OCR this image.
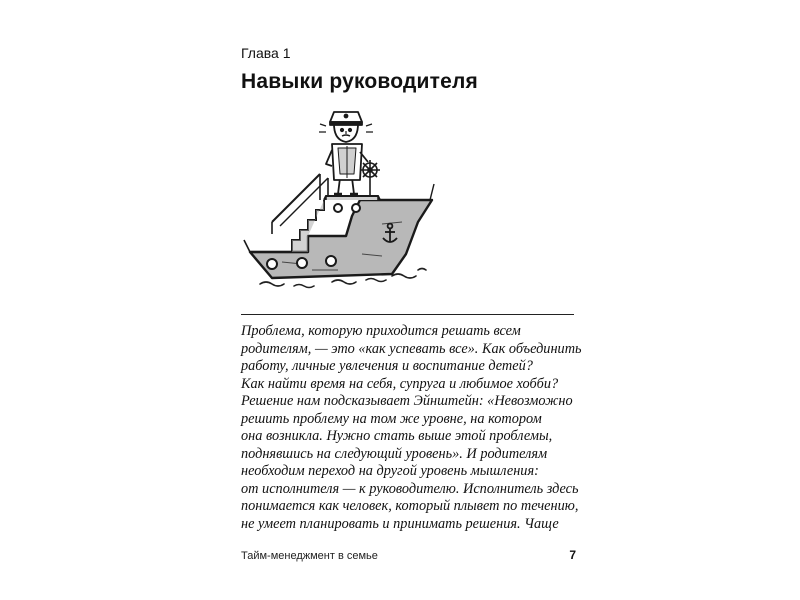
Глава 1
Навыки руководителя

Проблема, которую приходится решать всем
родителям, — это «как успевать все». Как объединить
работу, личные увлечения и воспитание детей?
Как найти время на себя, супруга и любимое хобби?
Решение нам подсказывает Эйнштейн: «Невозможно
решить проблему на том же уровне, на котором
она возникла. Нужно стать выше этой проблемы,
поднявшись на следующий уровень». И родителям
необходим переход на другой уровень мышления:
от исполнителя — к руководителю. Исполнитель здесь
понимается как человек, который плывет по течению,
не умеет планировать и принимать решения. Чаще

Тайм-менеджмент в семье	7
